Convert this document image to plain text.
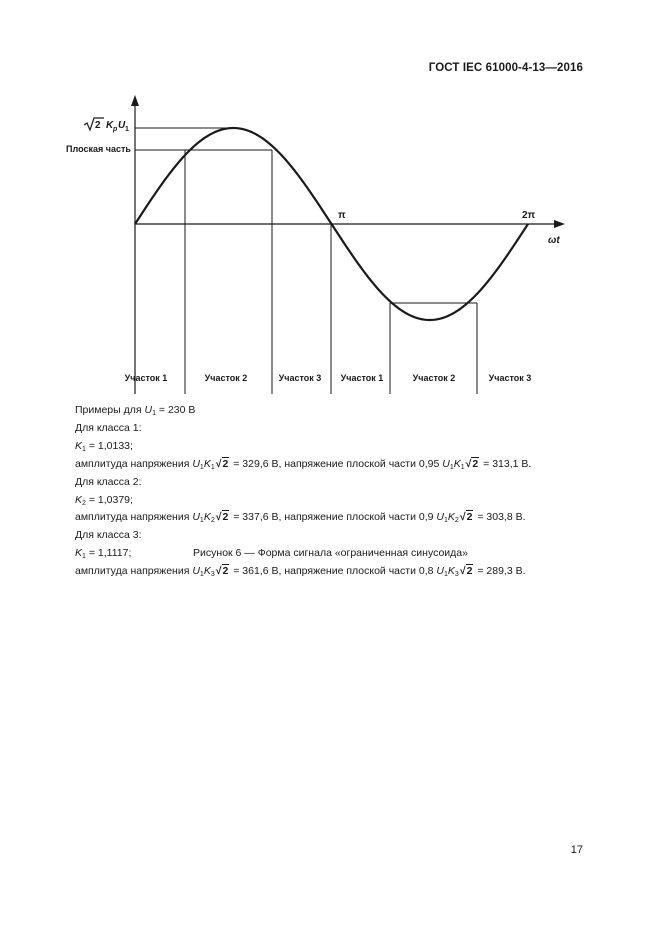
ГОСТ IEC 61000-4-13—2016
2 K p U 1
Плоская часть
π	2π
ωt
Участок 1	Участок 2	Участок 3 Участок 1	Участок 2	Участок 3
Примеры для $U_1 = 230$ В
Для класса 1:
$K_1 = 1,0133$;
амплитуда напряжения $U_1K_1√2 = 329,6$ В, напряжение плоской части 0,95 $U_1K_1√2 = 313,1$ В.
Для класса 2:
$K_2 = 1,0379$;
амплитуда напряжения $U_1K_2√2 = 337,6$ В, напряжение плоской части 0,9 $U_1K_2√2 = 303,8$ В.
Для класса 3:
$K_1 = 1,1117$;
амплитуда напряжения $U_1K_3√2 = 361,6$ В, напряжение плоской части 0,8 $U_1K_3√2 = 289,3$ В.
Рисунок 6 — Форма сигнала «ограниченная синусоида»
17
